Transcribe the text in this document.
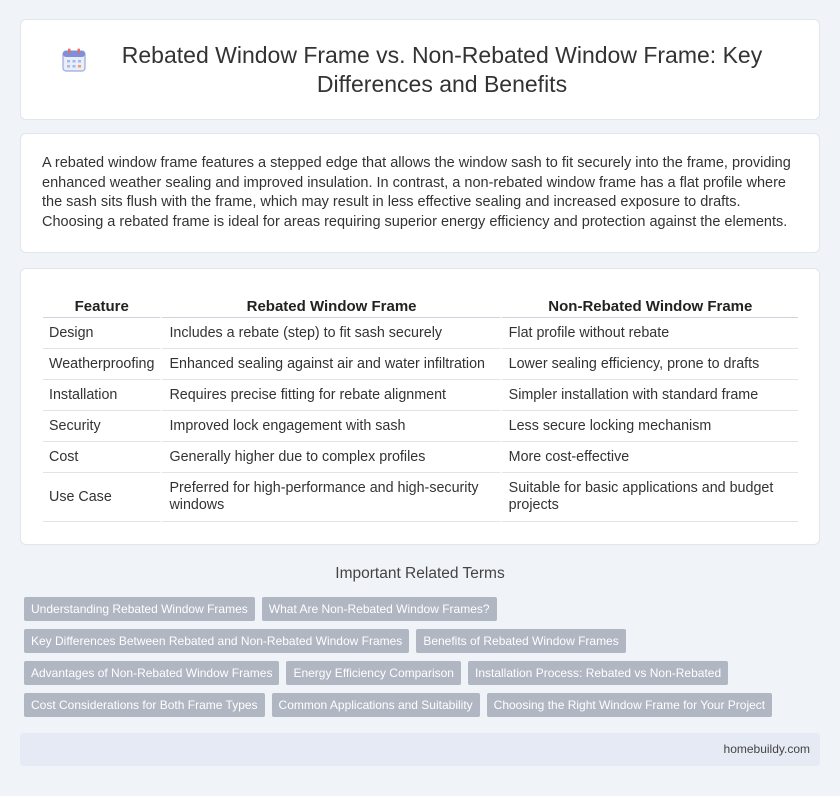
Rebated Window Frame vs. Non-Rebated Window Frame: Key Differences and Benefits

A rebated window frame features a stepped edge that allows the window sash to fit securely into the frame, providing enhanced weather sealing and improved insulation. In contrast, a non-rebated window frame has a flat profile where the sash sits flush with the frame, which may result in less effective sealing and increased exposure to drafts. Choosing a rebated frame is ideal for areas requiring superior energy efficiency and protection against the elements.

Feature	Rebated Window Frame	Non-Rebated Window Frame
Design	Includes a rebate (step) to fit sash securely	Flat profile without rebate
Weatherproofing	Enhanced sealing against air and water infiltration	Lower sealing efficiency, prone to drafts
Installation	Requires precise fitting for rebate alignment	Simpler installation with standard frame
Security	Improved lock engagement with sash	Less secure locking mechanism
Cost	Generally higher due to complex profiles	More cost-effective
Use Case	Preferred for high-performance and high-security windows	Suitable for basic applications and budget projects
Important Related Terms
Understanding Rebated Window Frames	What Are Non-Rebated Window Frames?
Key Differences Between Rebated and Non-Rebated Window Frames	Benefits of Rebated Window Frames
Advantages of Non-Rebated Window Frames	Energy Efficiency Comparison	Installation Process: Rebated vs Non-Rebated
Cost Considerations for Both Frame Types	Common Applications and Suitability	Choosing the Right Window Frame for Your Project
homebuildy.com
